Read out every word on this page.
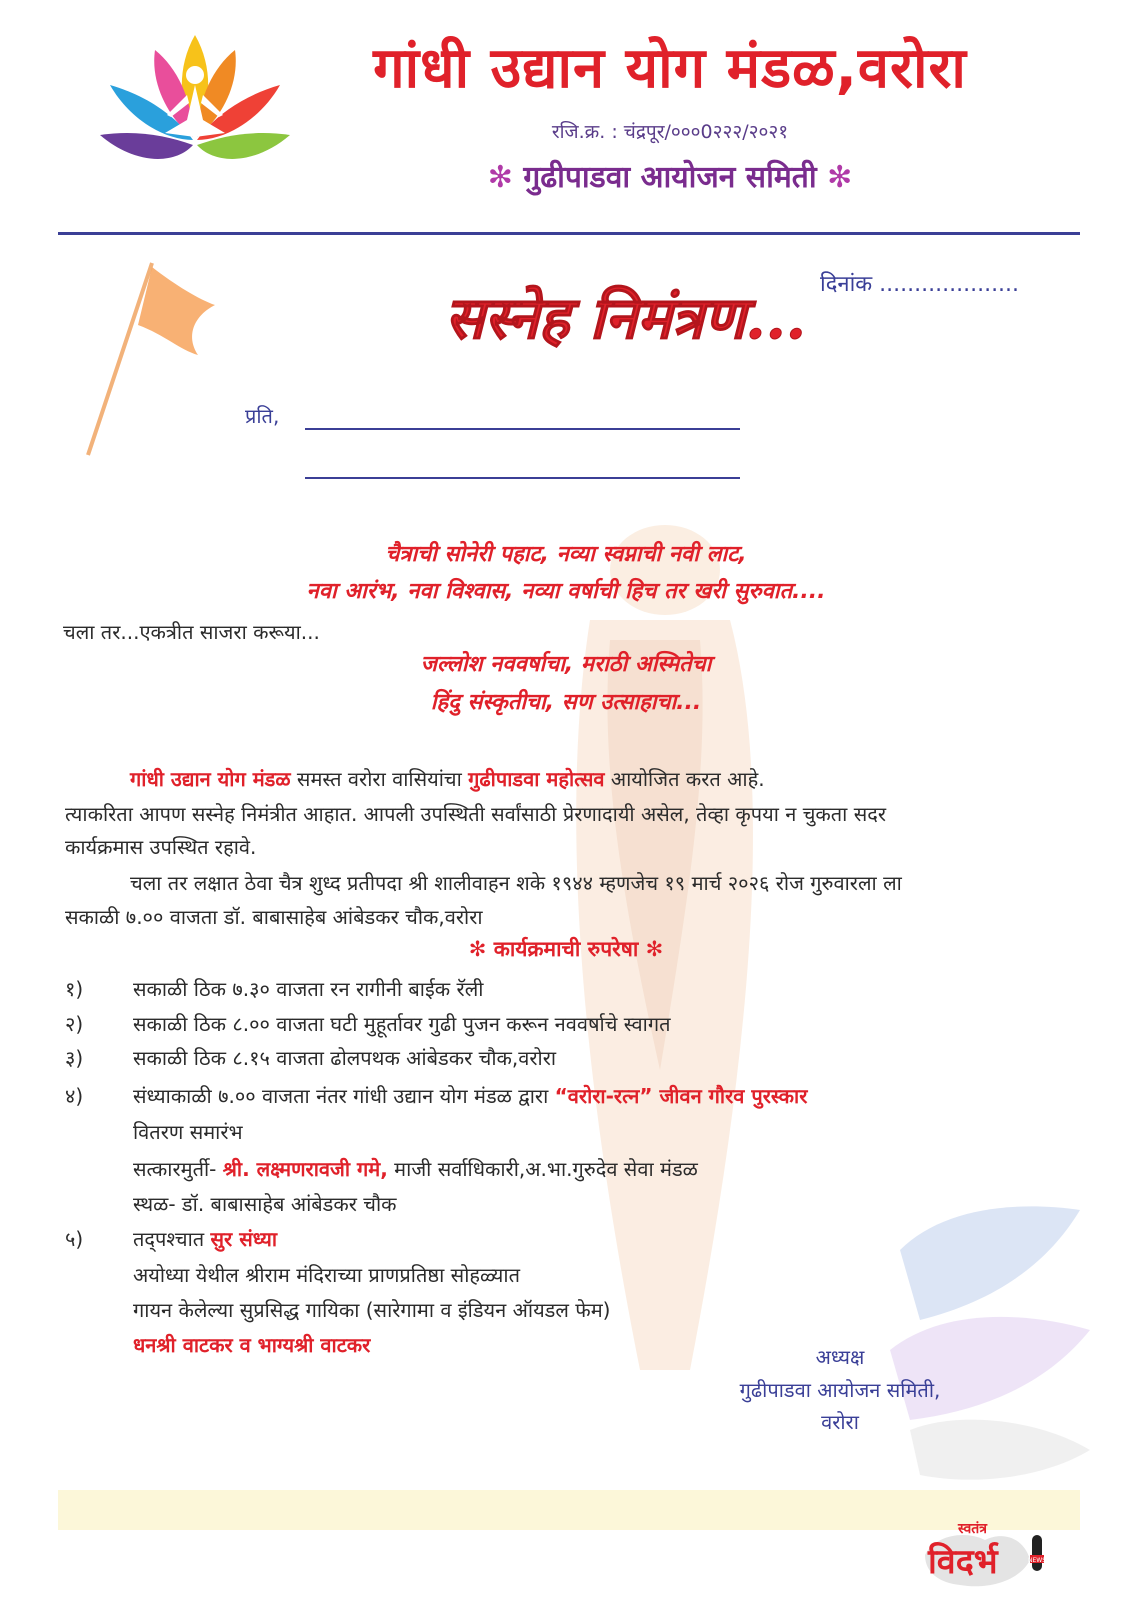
गांधी उद्यान योग मंडळ,वरोरा
रजि.क्र. : चंद्रपूर/०००0२२२/२०२१
✻ गुढीपाडवा आयोजन समिती ✻
सस्नेह निमंत्रण... दिनांक ....................
प्रति,
चैत्राची सोनेरी पहाट, नव्या स्वप्नाची नवी लाट,
नवा आरंभ, नवा विश्वास, नव्या वर्षाची हिच तर खरी सुरुवात....
चला तर...एकत्रीत साजरा करूया...
जल्लोश नववर्षाचा, मराठी अस्मितेचा
हिंदु संस्कृतीचा, सण उत्साहाचा...
गांधी उद्यान योग मंडळ समस्त वरोरा वासियांचा गुढीपाडवा महोत्सव आयोजित करत आहे.
त्याकरिता आपण सस्नेह निमंत्रीत आहात. आपली उपस्थिती सर्वांसाठी प्रेरणादायी असेल, तेव्हा कृपया न चुकता सदर
कार्यक्रमास उपस्थित रहावे.
चला तर लक्षात ठेवा चैत्र शुध्द प्रतीपदा श्री शालीवाहन शके १९४४ म्हणजेच १९ मार्च २०२६ रोज गुरुवारला ला
सकाळी ७.०० वाजता डॉ. बाबासाहेब आंबेडकर चौक,वरोरा
✻ कार्यक्रमाची रुपरेषा ✻
१) सकाळी ठिक ७.३० वाजता रन रागीनी बाईक रॅली
२) सकाळी ठिक ८.०० वाजता घटी मुहूर्तावर गुढी पुजन करून नववर्षाचे स्वागत
३) सकाळी ठिक ८.१५ वाजता ढोलपथक आंबेडकर चौक,वरोरा
४) संध्याकाळी ७.०० वाजता नंतर गांधी उद्यान योग मंडळ द्वारा “वरोरा-रत्न” जीवन गौरव पुरस्कार
वितरण समारंभ
सत्कारमुर्ती- श्री. लक्ष्मणरावजी गमे, माजी सर्वाधिकारी,अ.भा.गुरुदेव सेवा मंडळ
स्थळ- डॉ. बाबासाहेब आंबेडकर चौक
५) तद्पश्चात सुर संध्या
अयोध्या येथील श्रीराम मंदिराच्या प्राणप्रतिष्ठा सोहळ्यात
गायन केलेल्या सुप्रसिद्ध गायिका (सारेगामा व इंडियन ऑयडल फेम)
धनश्री वाटकर व भाग्यश्री वाटकर	अध्यक्ष
गुढीपाडवा आयोजन समिती,
वरोरा
स्वतंत्र
विदर्भ	NEWS
